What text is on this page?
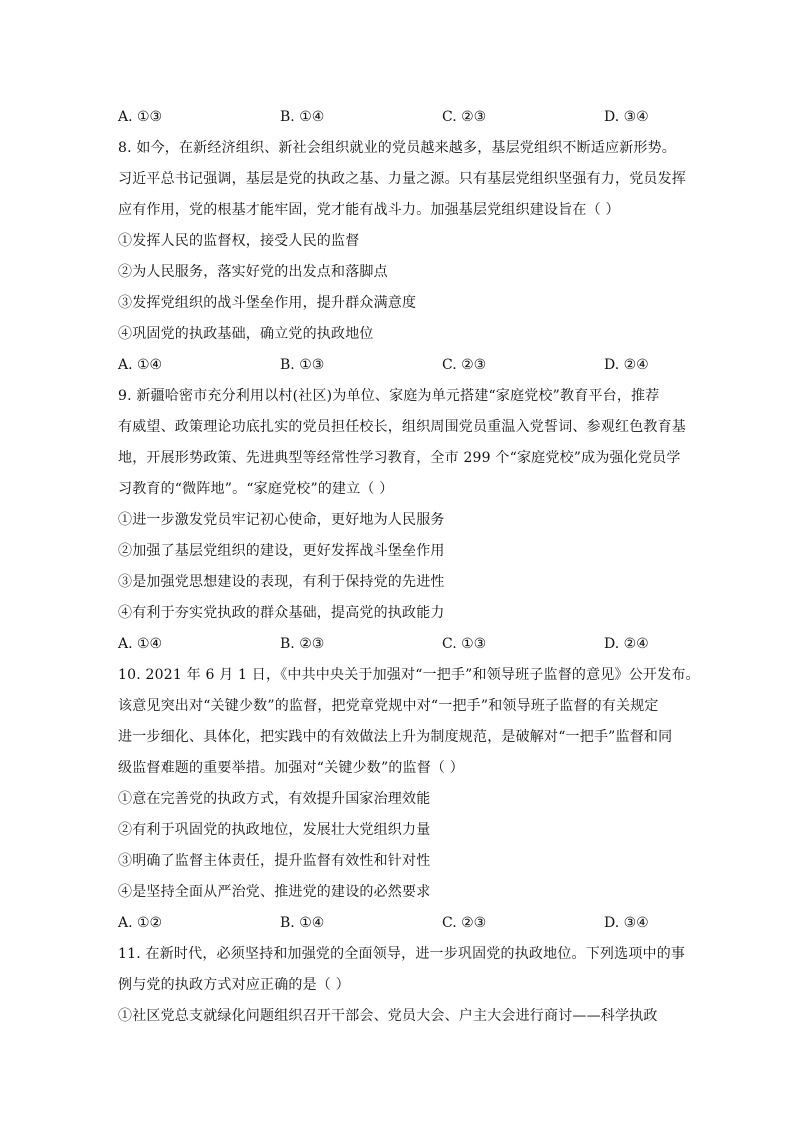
A. ①③	B. ①④	C. ②③	D. ③④
8. 如今，在新经济组织、新社会组织就业的党员越来越多，基层党组织不断适应新形势。
习近平总书记强调，基层是党的执政之基、力量之源。只有基层党组织坚强有力，党员发挥
应有作用，党的根基才能牢固，党才能有战斗力。加强基层党组织建设旨在（ ）
①发挥人民的监督权，接受人民的监督
②为人民服务，落实好党的出发点和落脚点
③发挥党组织的战斗堡垒作用，提升群众满意度
④巩固党的执政基础，确立党的执政地位
A. ①④	B. ①③	C. ②③	D. ②④
9. 新疆哈密市充分利用以村(社区)为单位、家庭为单元搭建“家庭党校”教育平台，推荐
有威望、政策理论功底扎实的党员担任校长，组织周围党员重温入党誓词、参观红色教育基
地，开展形势政策、先进典型等经常性学习教育，全市 299 个“家庭党校”成为强化党员学
习教育的“微阵地”。“家庭党校”的建立（ ）
①进一步激发党员牢记初心使命，更好地为人民服务
②加强了基层党组织的建设，更好发挥战斗堡垒作用
③是加强党思想建设的表现，有利于保持党的先进性
④有利于夯实党执政的群众基础，提高党的执政能力
A. ①④	B. ②③	C. ①③	D. ②④
10. 2021 年 6 月 1 日，《中共中央关于加强对“一把手”和领导班子监督的意见》公开发布。
该意见突出对“关键少数”的监督，把党章党规中对“一把手”和领导班子监督的有关规定
进一步细化、具体化，把实践中的有效做法上升为制度规范，是破解对“一把手”监督和同
级监督难题的重要举措。加强对“关键少数”的监督（ ）
①意在完善党的执政方式，有效提升国家治理效能
②有利于巩固党的执政地位，发展壮大党组织力量
③明确了监督主体责任，提升监督有效性和针对性
④是坚持全面从严治党、推进党的建设的必然要求
A. ①②	B. ①④	C. ②③	D. ③④
11. 在新时代，必须坚持和加强党的全面领导，进一步巩固党的执政地位。下列选项中的事
例与党的执政方式对应正确的是（ ）
①社区党总支就绿化问题组织召开干部会、党员大会、户主大会进行商讨——科学执政
